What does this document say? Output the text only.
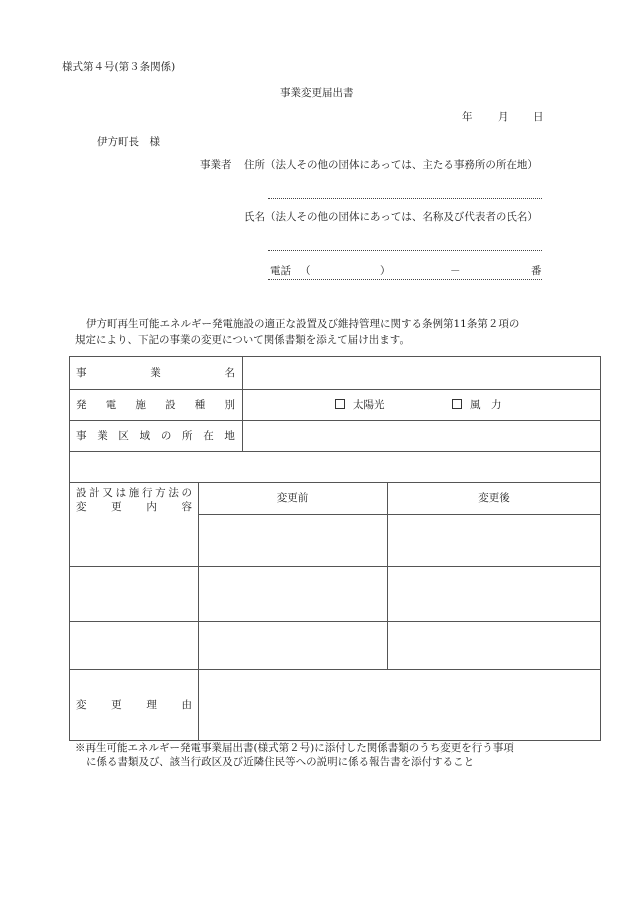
様式第４号(第３条関係)
事業変更届出書
年 月 日
伊方町長　様
事業者 住所（法人その他の団体にあっては、主たる事務所の所在地）
氏名（法人その他の団体にあっては、名称及び代表者の氏名）
電話 （	）	－	番
伊方町再生可能エネルギー発電施設の適正な設置及び維持管理に関する条例第11条第２項の
規定により、下記の事業の変更について関係書類を添えて届け出ます。
事	業	名
発 電 施 設 種 別	太陽光	風　力
事 業 区 域 の 所 在 地
設 計 又 は 施 行 方 法 の
変 更 内 容
変更前	変更後
変 更 理 由
※再生可能エネルギー発電事業届出書(様式第２号)に添付した関係書類のうち変更を行う事項
に係る書類及び、該当行政区及び近隣住民等への説明に係る報告書を添付すること
